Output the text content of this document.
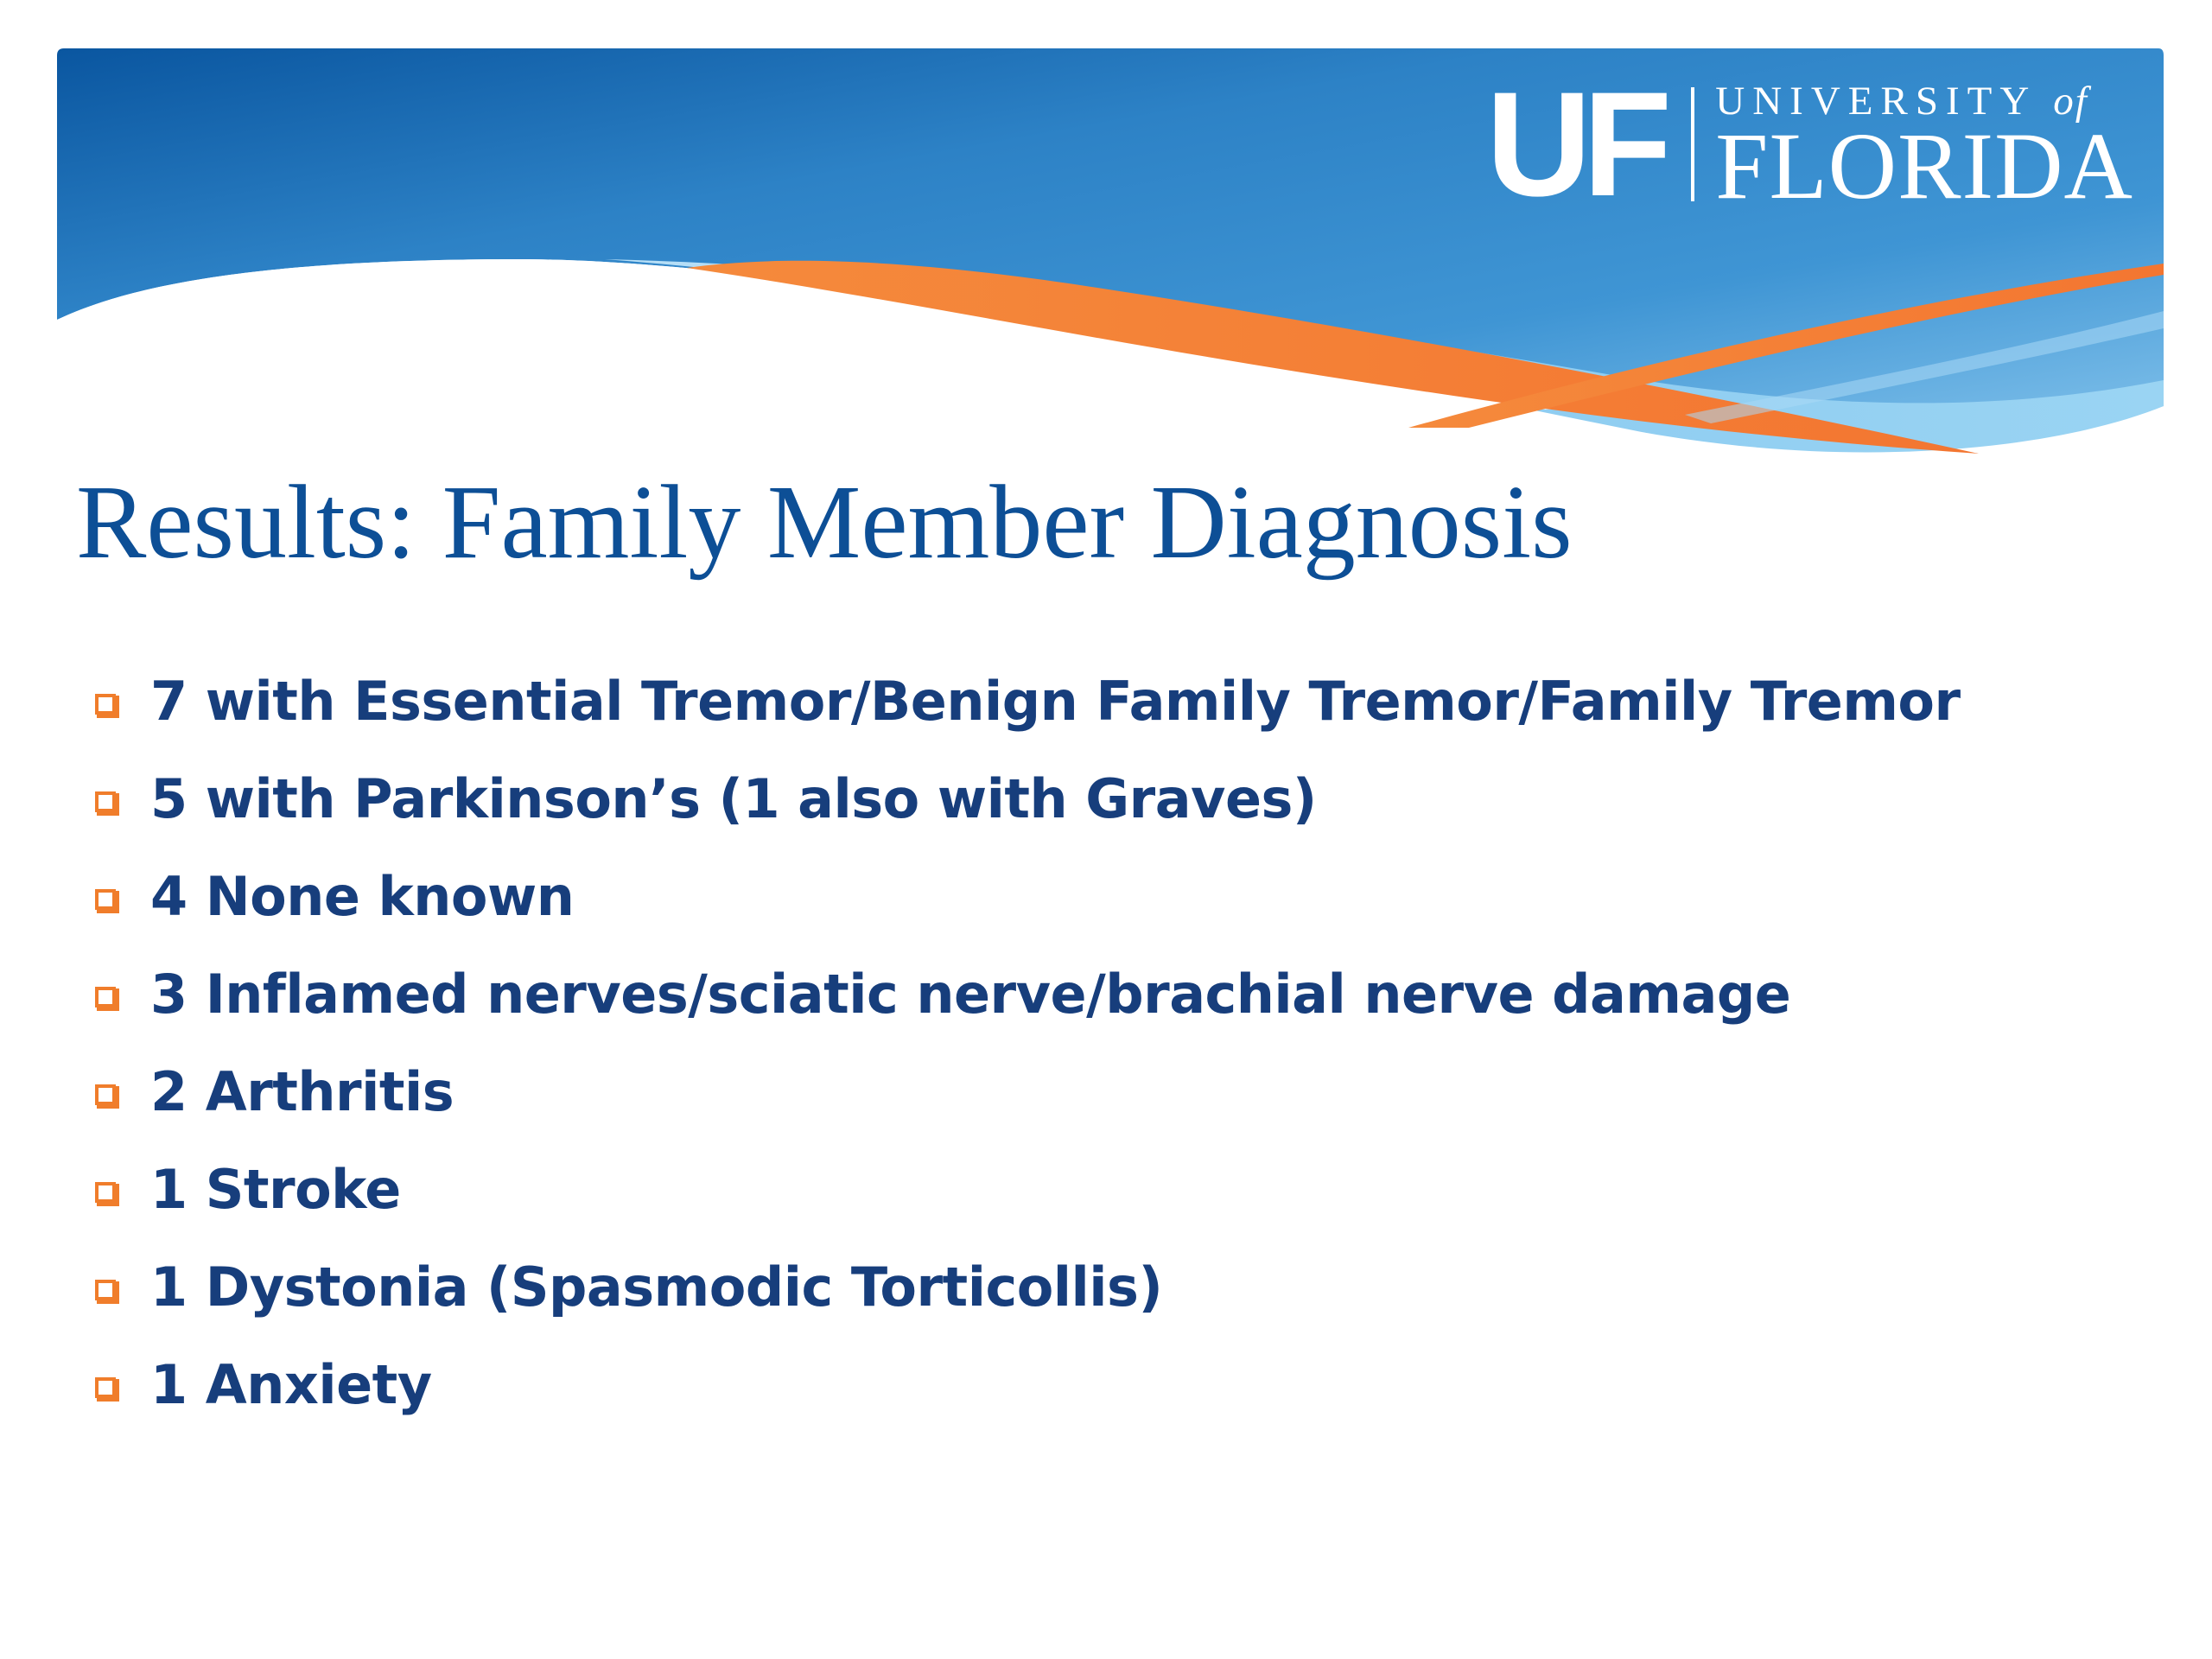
UF UNIVERSITY of
FLORIDA
Results: Family Member Diagnosis
7 with Essential Tremor/Benign Family Tremor/Family Tremor
5 with Parkinson’s (1 also with Graves)
4 None known
3 Inflamed nerves/sciatic nerve/brachial nerve damage
2 Arthritis
1 Stroke
1 Dystonia (Spasmodic Torticollis)
1 Anxiety
